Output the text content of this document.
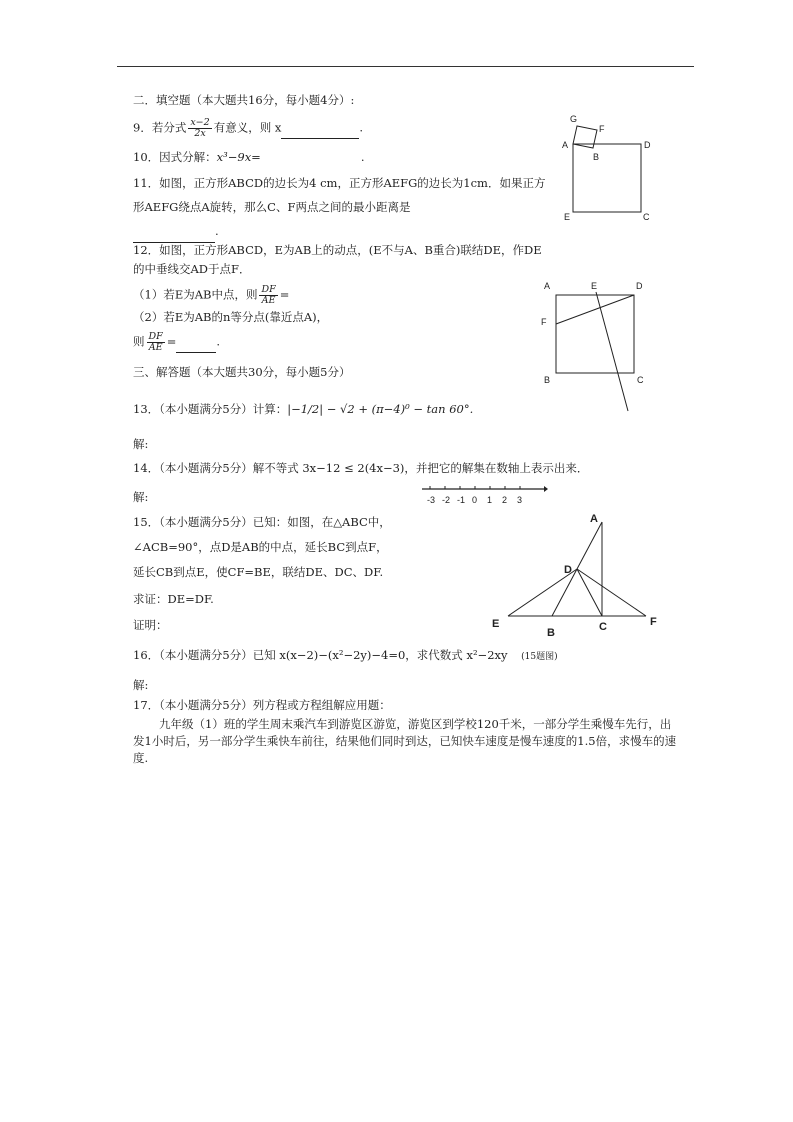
二．填空题（本大题共16分，每小题4分）:
9．若分式 $\frac{x-2}{2x}$ 有意义，则 x	.
10．因式分解：x³−9x=	.
11．如图，正方形ABCD的边长为4 cm，正方形AEFG的边长为1cm．如果正方形AEFG绕点A旋转，那么C、F两点之间的最小距离是
.
G
F
A	D
B
E	C
12．如图，正方形ABCD，E为AB上的动点，(E不与A、B重合)联结DE，作DE的中垂线交AD于点F．
（1）若E为AB中点，则 $\frac{DF}{AE}$ =
（2）若E为AB的n等分点(靠近点A)，
则 $\frac{DF}{AE}$ =	.
A	E	D
F
B	C
三、解答题（本大题共30分，每小题5分）
13．（本小题满分5分）计算：|−1/2| − √2 + (π−4)⁰ − tan 60°.
解:
14．（本小题满分5分）解不等式 3x−12 ≤ 2(4x−3)，并把它的解集在数轴上表示出来．
解:	-3 -2 -1 0 1 2 3
15．（本小题满分5分）已知：如图，在△ABC中，
∠ACB=90°，点D是AB的中点，延长BC到点F，
延长CB到点E，使CF=BE，联结DE、DC、DF.
求证：DE=DF.
证明：
A
D
E
B	C	F
16．（本小题满分5分）已知 x(x−2)−(x²−2y)−4=0，求代数式 x²−2xy (15题图)
解:
17．（本小题满分5分）列方程或方程组解应用题：
九年级（1）班的学生周末乘汽车到游览区游览，游览区到学校120千米，一部分学生乘慢车先行，出发1小时后，另一部分学生乘快车前往，结果他们同时到达，已知快车速度是慢车速度的1.5倍，求慢车的速度.
